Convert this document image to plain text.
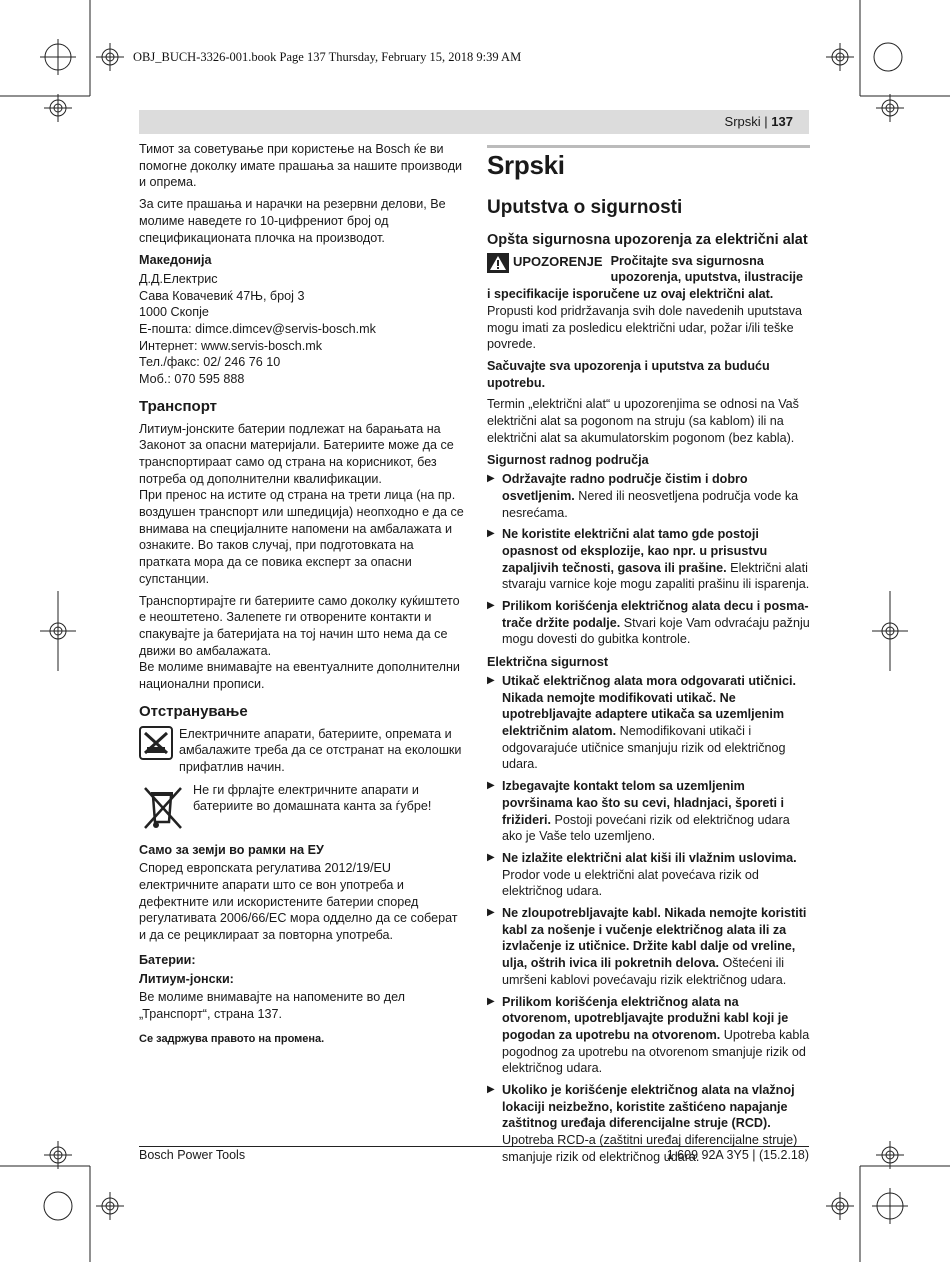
OBJ_BUCH-3326-001.book Page 137 Thursday, February 15, 2018 9:39 AM
Srpski | 137

Тимот за советување при користење на Bosch ќе ви помогне доколку имате прашања за нашите производи и опрема.

За сите прашања и нарачки на резервни делови, Ве молиме наведете го 10-цифрениот број од спецификационата плочка на производот.

Македонија
Д.Д.Електрис
Сава Ковачевиќ 47Њ, број 3
1000 Скопје
E-пошта: dimce.dimcev@servis-bosch.mk
Интернет: www.servis-bosch.mk
Тел./факс: 02/ 246 76 10
Моб.: 070 595 888
Транспорт

Литиум-јонските батерии подлежат на барањата на Законот за опасни материјали. Батериите може да се транспортираат само од страна на корисникот, без потреба од дополнителни квалификации.

При пренос на истите од страна на трети лица (на пр. воздушен транспорт или шпедиција) неопходно е да се внимава на специјалните напомени на амбалажата и ознаките. Во таков случај, при подготовката на пратката мора да се повика експерт за опасни супстанции.

Транспортирајте ги батериите само доколку куќиштето е неоштетено. Залепете ги отворените контакти и спакувајте ја батеријата на тој начин што нема да се движи во амбалажата.

Ве молиме внимавајте на евентуалните дополнителни национални прописи.

Отстранување
Електричните апарати, батериите, опремата и амбалажите треба да се отстранат на еколошки прифатлив начин.
Не ги фрлајте електричните апарати и батериите во домашната канта за ѓубре!
Само за земји во рамки на ЕУ

Според европската регулатива 2012/19/EU електричните апарати што се вон употреба и дефектните или искористените батерии според регулативата 2006/66/EC мора одделно да се соберат и да се рециклираат за повторна употреба.

Батерии:
Литиум-јонски:

Ве молиме внимавајте на напомените во дел „Транспорт“, страна 137.

Се задржува правото на промена.
Srpski
Uputstva o sigurnosti
Opšta sigurnosna upozorenja za električni alat

UPOZORENJE Pročitajte sva sigurnosna upozorenja, uputstva, ilustracije i specifikacije isporučene uz ovaj električni alat. Propusti kod pridržavanja svih dole navedenih uputstava mogu imati za posledicu električni udar, požar i/ili teške povrede.

Sačuvajte sva upozorenja i uputstva za buduću upotrebu.

Termin „električni alat“ u upozorenjima se odnosi na Vaš električni alat sa pogonom na struju (sa kablom) ili na električni alat sa akumulatorskim pogonom (bez kabla).

Sigurnost radnog područja
▶ Održavajte radno područje čistim i dobro osvetljenim. Nered ili neosvetljena područja vode ka nesrećama.
▶ Ne koristite električni alat tamo gde postoji opasnost od eksplozije, kao npr. u prisustvu zapaljivih tečnosti, gasova ili prašine. Električni alati stvaraju varnice koje mogu zapaliti prašinu ili isparenja.
▶ Prilikom korišćenja električnog alata decu i posma-trače držite podalje. Stvari koje Vam odvraćaju pažnju mogu dovesti do gubitka kontrole.
Električna sigurnost
▶ Utikač električnog alata mora odgovarati utičnici. Nikada nemojte modifikovati utikač. Ne upotrebljavajte adaptere utikača sa uzemljenim električnim alatom. Nemodifikovani utikači i odgovarajuće utičnice smanjuju rizik od električnog udara.
▶ Izbegavajte kontakt telom sa uzemljenim površinama kao što su cevi, hladnjaci, šporeti i frižideri. Postoji povećani rizik od električnog udara ako je Vaše telo uzemljeno.
▶ Ne izlažite električni alat kiši ili vlažnim uslovima. Prodor vode u električni alat povećava rizik od električnog udara.
▶ Ne zloupotrebljavajte kabl. Nikada nemojte koristiti kabl za nošenje i vučenje električnog alata ili za izvlačenje iz utičnice. Držite kabl dalje od vreline, ulja, oštrih ivica ili pokretnih delova. Oštećeni ili umršeni kablovi povećavaju rizik električnog udara.
▶ Prilikom korišćenja električnog alata na otvorenom, upotrebljavajte produžni kabl koji je pogodan za upotrebu na otvorenom. Upotreba kabla pogodnog za upotrebu na otvorenom smanjuje rizik od električnog udara.
▶ Ukoliko je korišćenje električnog alata na vlažnoj lokaciji neizbežno, koristite zaštićeno napajanje zaštitnog uređaja diferencijalne struje (RCD). Upotreba RCD-a (zaštitni uređaj diferencijalne struje) smanjuje rizik od električnog udara.
Bosch Power Tools	1 609 92A 3Y5 | (15.2.18)
